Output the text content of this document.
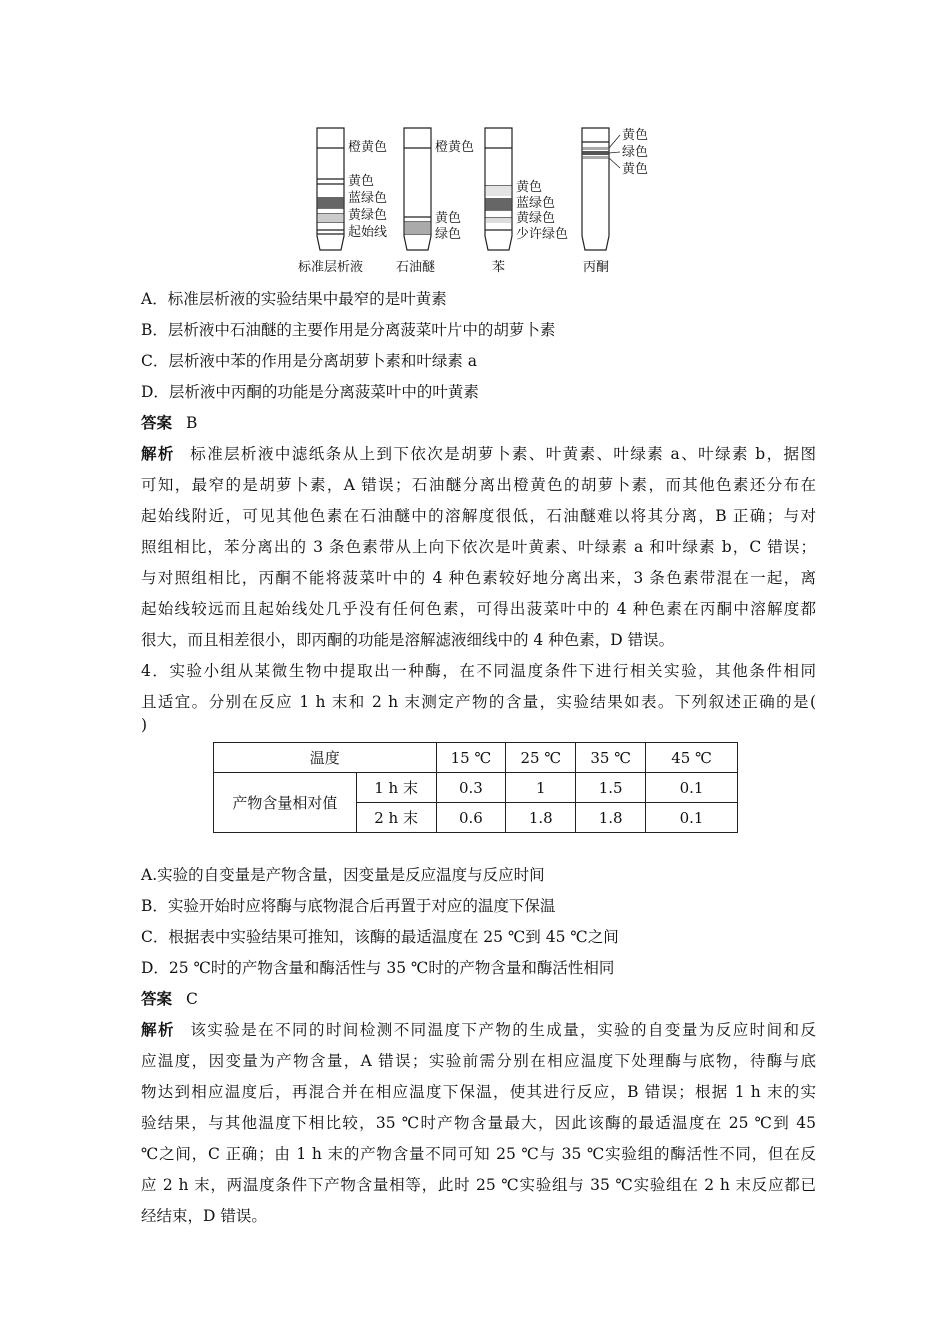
橙黄色
黄色
蓝绿色
黄绿色
起始线
橙黄色
黄色
绿色
黄色
蓝绿色
黄绿色
少许绿色
黄色
绿色
黄色
标准层析液	石油醚	苯	丙酮
A．标准层析液的实验结果中最窄的是叶黄素
B．层析液中石油醚的主要作用是分离菠菜叶片中的胡萝卜素
C．层析液中苯的作用是分离胡萝卜素和叶绿素 a
D．层析液中丙酮的功能是分离菠菜叶中的叶黄素
答案 B
解析 标准层析液中滤纸条从上到下依次是胡萝卜素、叶黄素、叶绿素 a、叶绿素 b，据图
可知，最窄的是胡萝卜素，A 错误；石油醚分离出橙黄色的胡萝卜素，而其他色素还分布在
起始线附近，可见其他色素在石油醚中的溶解度很低，石油醚难以将其分离，B 正确；与对
照组相比，苯分离出的 3 条色素带从上向下依次是叶黄素、叶绿素 a 和叶绿素 b，C 错误；
与对照组相比，丙酮不能将菠菜叶中的 4 种色素较好地分离出来，3 条色素带混在一起，离
起始线较远而且起始线处几乎没有任何色素，可得出菠菜叶中的 4 种色素在丙酮中溶解度都
很大，而且相差很小，即丙酮的功能是溶解滤液细线中的 4 种色素，D 错误。
4．实验小组从某微生物中提取出一种酶，在不同温度条件下进行相关实验，其他条件相同
且适宜。分别在反应 1 h 末和 2 h 末测定产物的含量，实验结果如表。下列叙述正确的是(
)
温度		15 ℃	25 ℃	35 ℃	45 ℃
产物含量相对值	1 h 末	0.3	1	1.5	0.1
	2 h 末	0.6	1.8	1.8	0.1
A.实验的自变量是产物含量，因变量是反应温度与反应时间
B．实验开始时应将酶与底物混合后再置于对应的温度下保温
C．根据表中实验结果可推知，该酶的最适温度在 25 ℃到 45 ℃之间
D．25 ℃时的产物含量和酶活性与 35 ℃时的产物含量和酶活性相同
答案 C
解析 该实验是在不同的时间检测不同温度下产物的生成量，实验的自变量为反应时间和反
应温度，因变量为产物含量，A 错误；实验前需分别在相应温度下处理酶与底物，待酶与底
物达到相应温度后，再混合并在相应温度下保温，使其进行反应，B 错误；根据 1 h 末的实
验结果，与其他温度下相比较，35 ℃时产物含量最大，因此该酶的最适温度在 25 ℃到 45
℃之间，C 正确；由 1 h 末的产物含量不同可知 25 ℃与 35 ℃实验组的酶活性不同，但在反
应 2 h 末，两温度条件下产物含量相等，此时 25 ℃实验组与 35 ℃实验组在 2 h 末反应都已
经结束，D 错误。
